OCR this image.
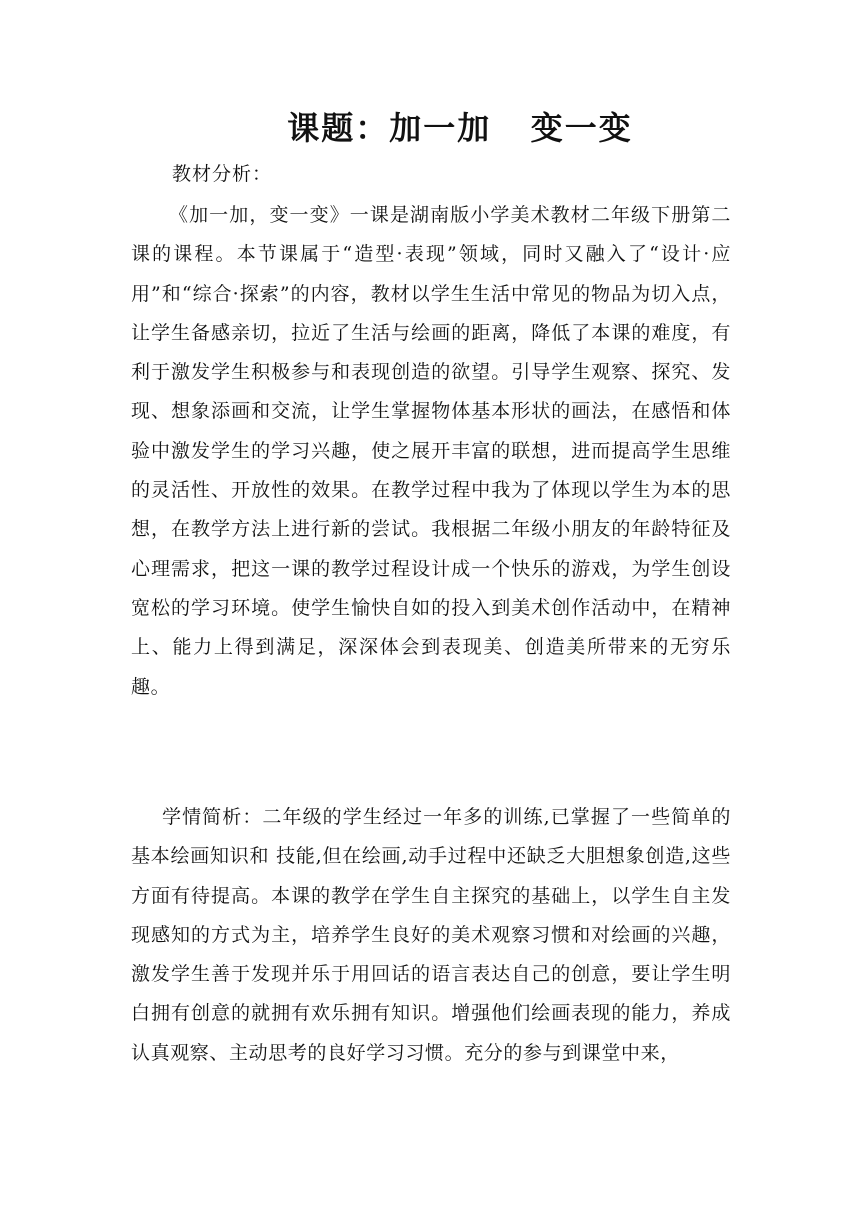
课题：加一加   变一变
教材分析：

《加一加，变一变》一课是湖南版小学美术教材二年级下册第二课的课程。本节课属于“造型·表现”领域，同时又融入了“设计·应用”和“综合·探索”的内容，教材以学生生活中常见的物品为切入点，让学生备感亲切，拉近了生活与绘画的距离，降低了本课的难度，有利于激发学生积极参与和表现创造的欲望。引导学生观察、探究、发现、想象添画和交流，让学生掌握物体基本形状的画法，在感悟和体验中激发学生的学习兴趣，使之展开丰富的联想，进而提高学生思维的灵活性、开放性的效果。在教学过程中我为了体现以学生为本的思想，在教学方法上进行新的尝试。我根据二年级小朋友的年龄特征及心理需求，把这一课的教学过程设计成一个快乐的游戏，为学生创设宽松的学习环境。使学生愉快自如的投入到美术创作活动中，在精神上、能力上得到满足，深深体会到表现美、创造美所带来的无穷乐趣。

学情简析：二年级的学生经过一年多的训练,已掌握了一些简单的基本绘画知识和 技能,但在绘画,动手过程中还缺乏大胆想象创造,这些方面有待提高。本课的教学在学生自主探究的基础上，以学生自主发现感知的方式为主，培养学生良好的美术观察习惯和对绘画的兴趣，激发学生善于发现并乐于用回话的语言表达自己的创意，要让学生明白拥有创意的就拥有欢乐拥有知识。增强他们绘画表现的能力，养成认真观察、主动思考的良好学习习惯。充分的参与到课堂中来，
